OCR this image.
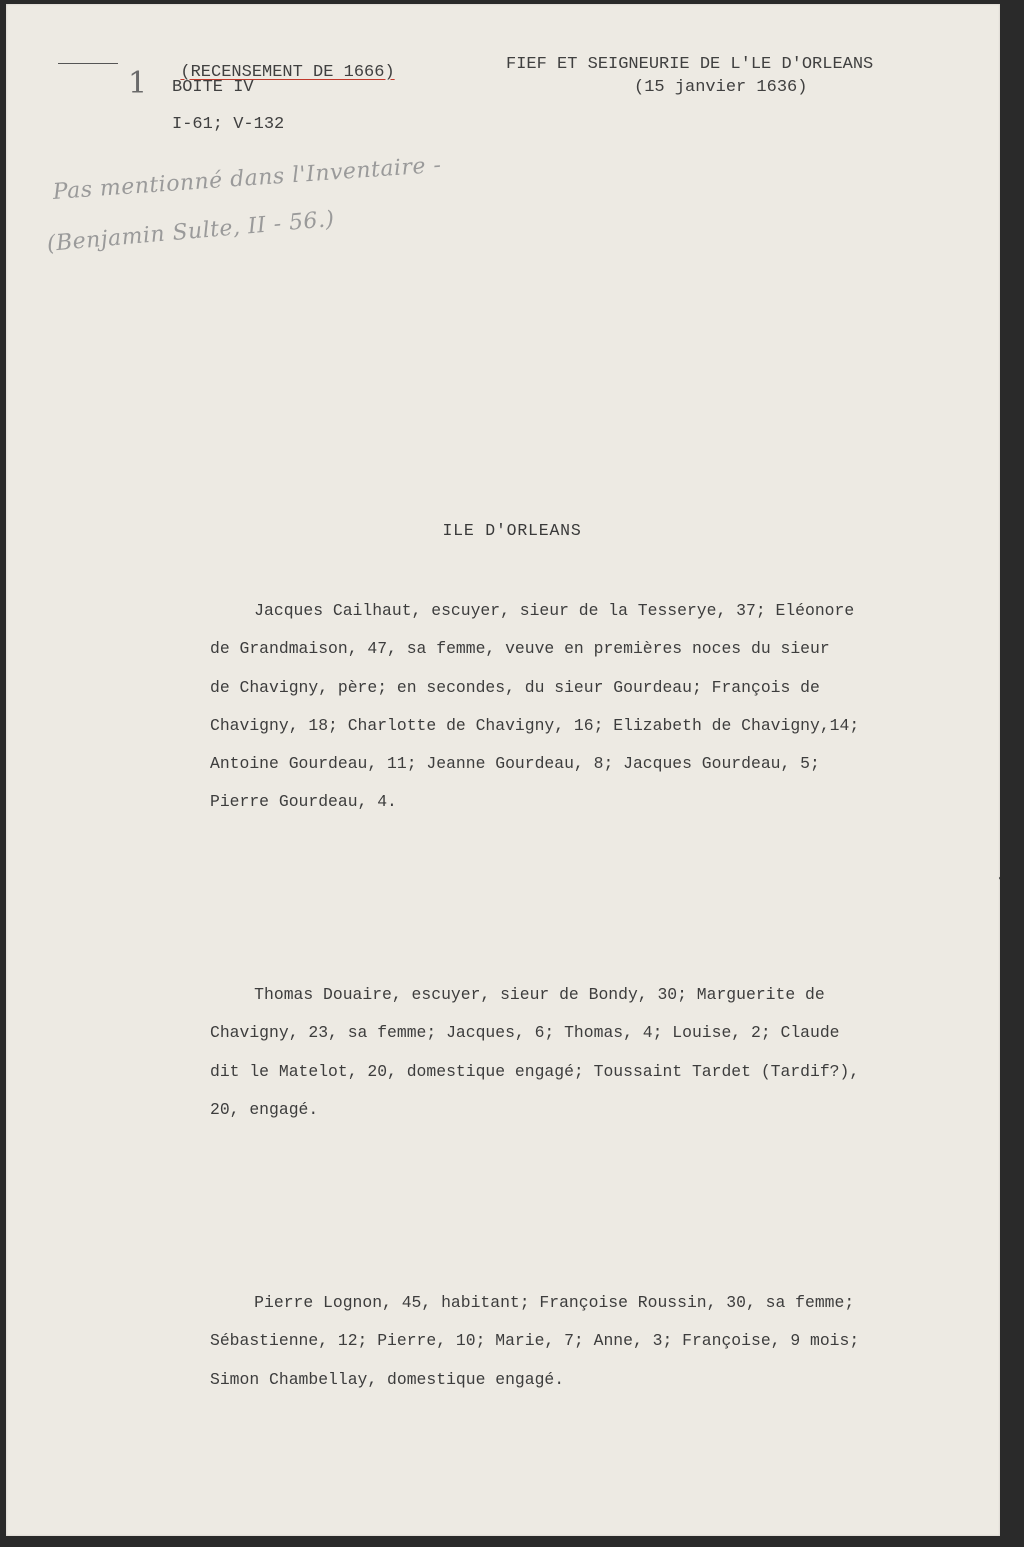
1	(RECENSEMENT DE 1666)

BOITE IV
I-61; V-132
FIEF ET SEIGNEURIE DE L'LE D'ORLEANS
(15 janvier 1636)
Pas mentionné dans l'Inventaire -
(Benjamin Sulte, II - 56.)
ILE D'ORLEANS
Jacques Cailhaut, escuyer, sieur de la Tesserye, 37; Eléonore
de Grandmaison, 47, sa femme, veuve en premières noces du sieur
de Chavigny, père; en secondes, du sieur Gourdeau; François de
Chavigny, 18; Charlotte de Chavigny, 16; Elizabeth de Chavigny,14;
Antoine Gourdeau, 11; Jeanne Gourdeau, 8; Jacques Gourdeau, 5;
Pierre Gourdeau, 4.
Thomas Douaire, escuyer, sieur de Bondy, 30; Marguerite de
Chavigny, 23, sa femme; Jacques, 6; Thomas, 4; Louise, 2; Claude
dit le Matelot, 20, domestique engagé; Toussaint Tardet (Tardif?),
20, engagé.
Pierre Lognon, 45, habitant; Françoise Roussin, 30, sa femme;
Sébastienne, 12; Pierre, 10; Marie, 7; Anne, 3; Françoise, 9 mois;
Simon Chambellay, domestique engagé.
